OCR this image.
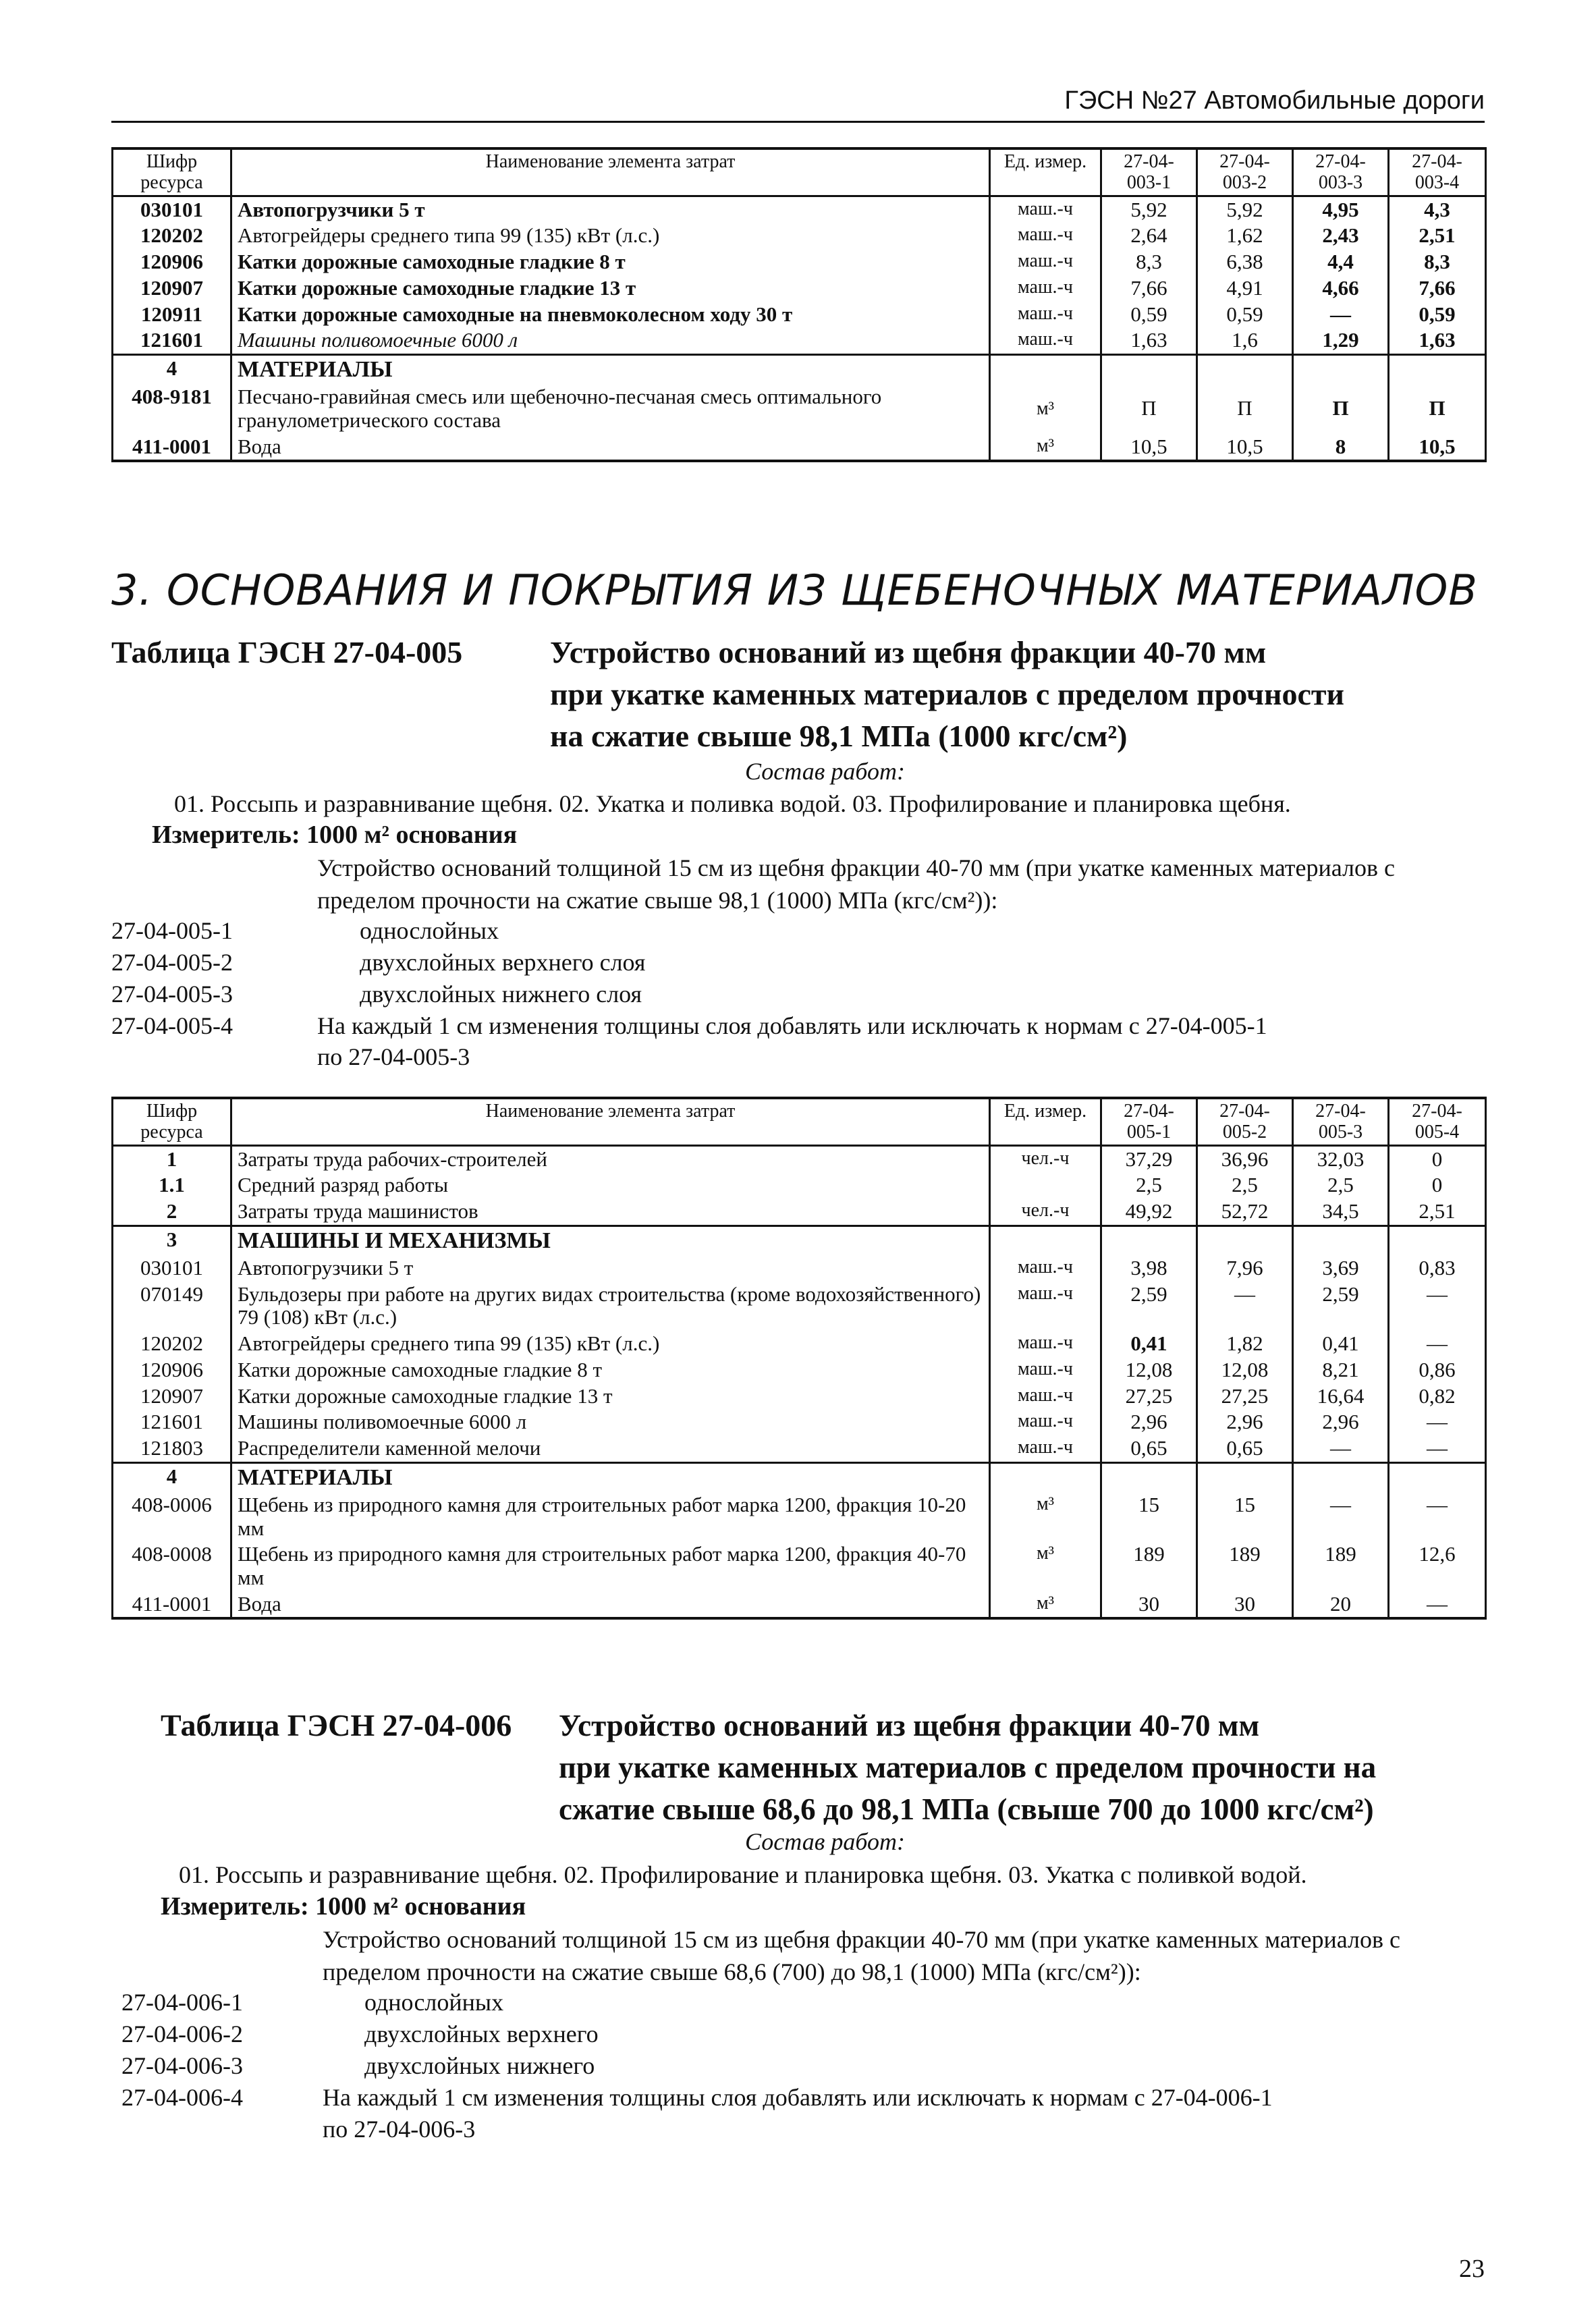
ГЭСН №27 Автомобильные дороги
Шифр ресурса	Наименование элемента затрат	Ед. измер.	27-04-003-1	27-04-003-2	27-04-003-3	27-04-003-4
030101	Автопогрузчики 5 т	маш.-ч	5,92	5,92	4,95	4,3
120202	Автогрейдеры среднего типа 99 (135) кВт (л.с.)	маш.-ч	2,64	1,62	2,43	2,51
120906	Катки дорожные самоходные гладкие 8 т	маш.-ч	8,3	6,38	4,4	8,3
120907	Катки дорожные самоходные гладкие 13 т	маш.-ч	7,66	4,91	4,66	7,66
120911	Катки дорожные самоходные на пневмоколесном ходу 30 т	маш.-ч	0,59	0,59	—	0,59
121601	Машины поливомоечные 6000 л	маш.-ч	1,63	1,6	1,29	1,63
4	МАТЕРИАЛЫ					
408-9181	Песчано-гравийная смесь или щебеночно-песчаная смесь оптимального гранулометрического состава	м³	П	П	П	П
411-0001	Вода	м³	10,5	10,5	8	10,5
3. ОСНОВАНИЯ И ПОКРЫТИЯ ИЗ ЩЕБЕНОЧНЫХ МАТЕРИАЛОВ
Таблица ГЭСН 27-04-005	Устройство оснований из щебня фракции 40-70 мм
при укатке каменных материалов с пределом прочности
на сжатие свыше 98,1 МПа (1000 кгс/см²)
Состав работ:
01. Россыпь и разравнивание щебня. 02. Укатка и поливка водой. 03. Профилирование и планировка щебня.
Измеритель: 1000 м² основания
Устройство оснований толщиной 15 см из щебня фракции 40-70 мм (при укатке каменных материалов с пределом прочности на сжатие свыше 98,1 (1000) МПа (кгс/см²)):
27-04-005-1	однослойных
27-04-005-2	двухслойных верхнего слоя
27-04-005-3	двухслойных нижнего слоя
27-04-005-4	На каждый 1 см изменения толщины слоя добавлять или исключать к нормам с 27-04-005-1
по 27-04-005-3
Шифр ресурса	Наименование элемента затрат	Ед. измер.	27-04-005-1	27-04-005-2	27-04-005-3	27-04-005-4
1	Затраты труда рабочих-строителей	чел.-ч	37,29	36,96	32,03	0
1.1	Средний разряд работы		2,5	2,5	2,5	0
2	Затраты труда машинистов	чел.-ч	49,92	52,72	34,5	2,51
3	МАШИНЫ И МЕХАНИЗМЫ					
030101	Автопогрузчики 5 т	маш.-ч	3,98	7,96	3,69	0,83
070149	Бульдозеры при работе на других видах строительства (кроме водохозяйственного) 79 (108) кВт (л.с.)	маш.-ч	2,59	—	2,59	—
120202	Автогрейдеры среднего типа 99 (135) кВт (л.с.)	маш.-ч	0,41	1,82	0,41	—
120906	Катки дорожные самоходные гладкие 8 т	маш.-ч	12,08	12,08	8,21	0,86
120907	Катки дорожные самоходные гладкие 13 т	маш.-ч	27,25	27,25	16,64	0,82
121601	Машины поливомоечные 6000 л	маш.-ч	2,96	2,96	2,96	—
121803	Распределители каменной мелочи	маш.-ч	0,65	0,65	—	—
4	МАТЕРИАЛЫ					
408-0006	Щебень из природного камня для строительных работ марка 1200, фракция 10-20 мм	м³	15	15	—	—
408-0008	Щебень из природного камня для строительных работ марка 1200, фракция 40-70 мм	м³	189	189	189	12,6
411-0001	Вода	м³	30	30	20	—
Таблица ГЭСН 27-04-006 Устройство оснований из щебня фракции 40-70 мм
при укатке каменных материалов с пределом прочности на
сжатие свыше 68,6 до 98,1 МПа (свыше 700 до 1000 кгс/см²)
Состав работ:
01. Россыпь и разравнивание щебня. 02. Профилирование и планировка щебня. 03. Укатка с поливкой водой.
Измеритель: 1000 м² основания
Устройство оснований толщиной 15 см из щебня фракции 40-70 мм (при укатке каменных материалов с пределом прочности на сжатие свыше 68,6 (700) до 98,1 (1000) МПа (кгс/см²)):
27-04-006-1	однослойных
27-04-006-2	двухслойных верхнего
27-04-006-3	двухслойных нижнего
27-04-006-4	На каждый 1 см изменения толщины слоя добавлять или исключать к нормам с 27-04-006-1
по 27-04-006-3
23
